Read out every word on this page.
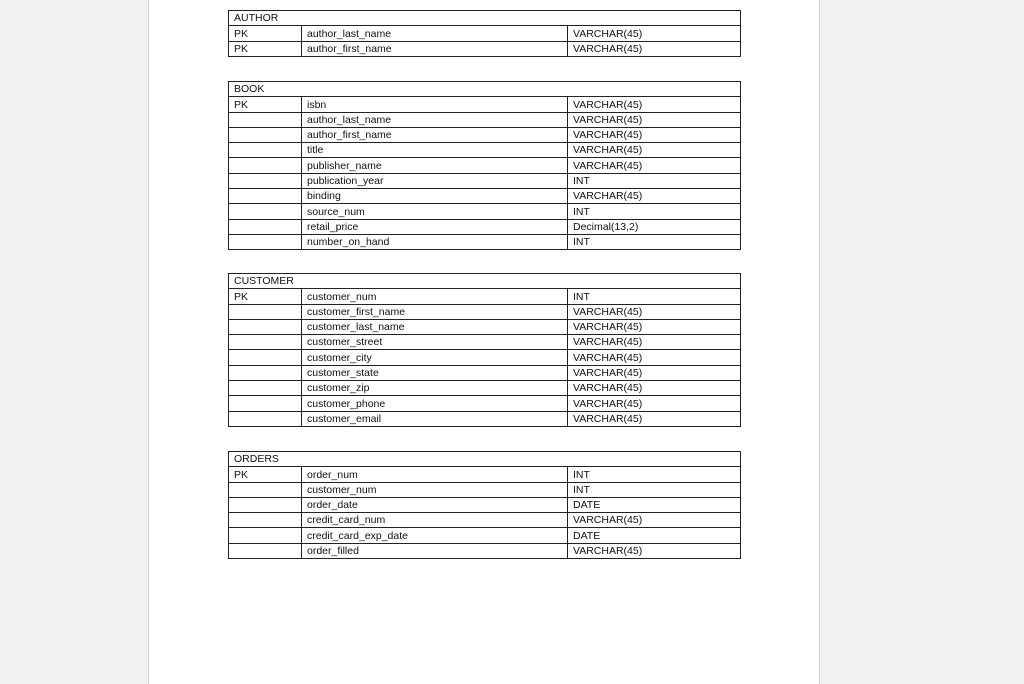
AUTHOR		
PK	author_last_name	VARCHAR(45)
PK	author_first_name	VARCHAR(45)
BOOK		
PK	isbn	VARCHAR(45)
	author_last_name	VARCHAR(45)
	author_first_name	VARCHAR(45)
	title	VARCHAR(45)
	publisher_name	VARCHAR(45)
	publication_year	INT
	binding	VARCHAR(45)
	source_num	INT
	retail_price	Decimal(13,2)
	number_on_hand	INT
CUSTOMER		
PK	customer_num	INT
	customer_first_name	VARCHAR(45)
	customer_last_name	VARCHAR(45)
	customer_street	VARCHAR(45)
	customer_city	VARCHAR(45)
	customer_state	VARCHAR(45)
	customer_zip	VARCHAR(45)
	customer_phone	VARCHAR(45)
	customer_email	VARCHAR(45)
ORDERS		
PK	order_num	INT
	customer_num	INT
	order_date	DATE
	credit_card_num	VARCHAR(45)
	credit_card_exp_date	DATE
	order_filled	VARCHAR(45)
